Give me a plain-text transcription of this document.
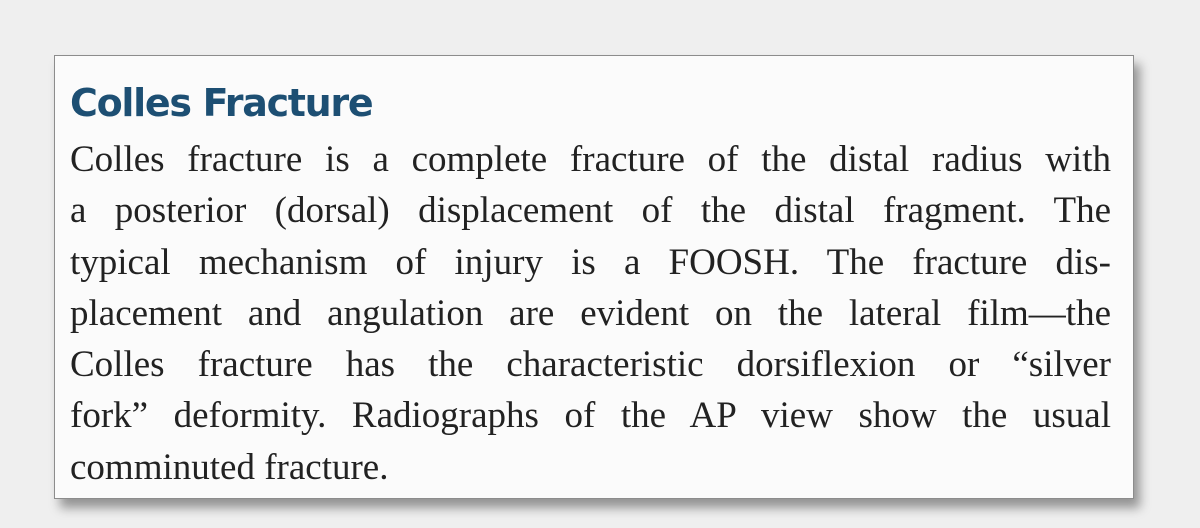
Colles Fracture

Colles fracture is a complete fracture of the distal radius with
a posterior (dorsal) displacement of the distal fragment. The
typical mechanism of injury is a FOOSH. The fracture dis-
placement and angulation are evident on the lateral film—the
Colles fracture has the characteristic dorsiflexion or “silver
fork” deformity. Radiographs of the AP view show the usual
comminuted fracture.
